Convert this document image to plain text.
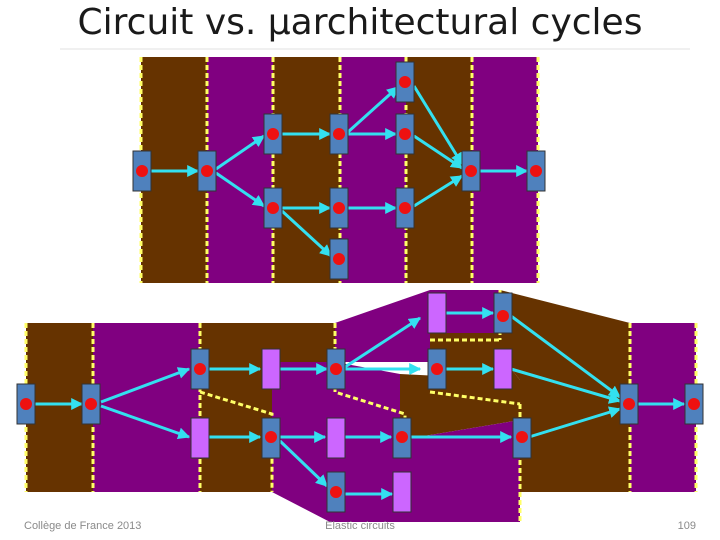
Circuit vs. μarchitectural cycles
Collège de France 2013	Elastic circuits	109
